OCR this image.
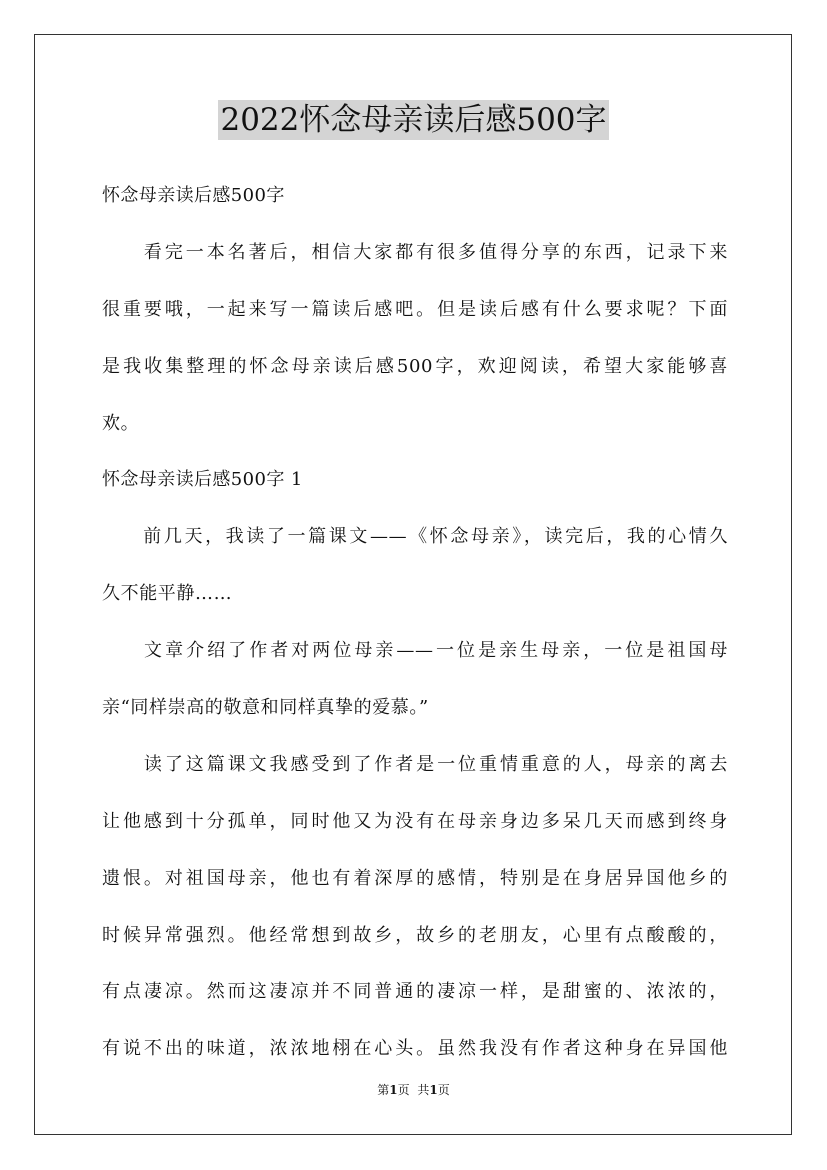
2022怀念母亲读后感500字
怀念母亲读后感500字
　　看完一本名著后，相信大家都有很多值得分享的东西，记录下来
很重要哦，一起来写一篇读后感吧。但是读后感有什么要求呢？下面
是我收集整理的怀念母亲读后感500字，欢迎阅读，希望大家能够喜
欢。
怀念母亲读后感500字 1
　　前几天，我读了一篇课文——《怀念母亲》，读完后，我的心情久
久不能平静……
　　文章介绍了作者对两位母亲——一位是亲生母亲，一位是祖国母
亲“同样崇高的敬意和同样真挚的爱慕。”
　　读了这篇课文我感受到了作者是一位重情重意的人，母亲的离去
让他感到十分孤单，同时他又为没有在母亲身边多呆几天而感到终身
遗恨。对祖国母亲，他也有着深厚的感情，特别是在身居异国他乡的
时候异常强烈。他经常想到故乡，故乡的老朋友，心里有点酸酸的，
有点凄凉。然而这凄凉并不同普通的凄凉一样，是甜蜜的、浓浓的，
有说不出的味道，浓浓地栩在心头。虽然我没有作者这种身在异国他
第1页 共1页
